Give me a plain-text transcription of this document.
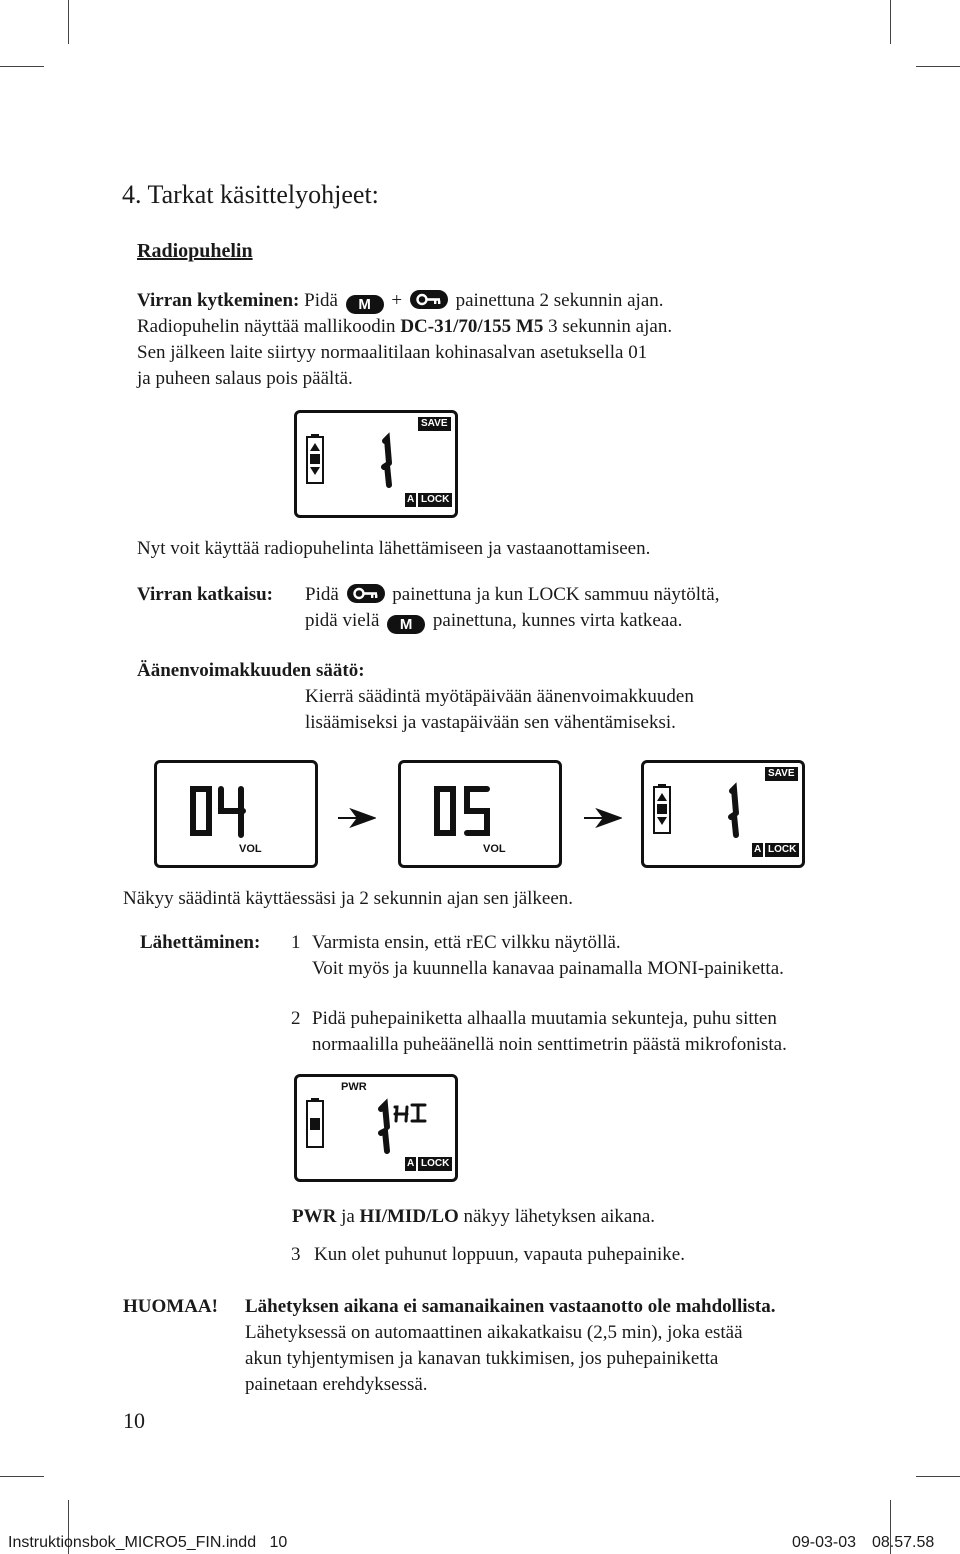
4. Tarkat käsittelyohjeet:
Radiopuhelin
Virran kytkeminen: Pidä M +	painettuna 2 sekunnin ajan.
Radiopuhelin näyttää mallikoodin DC-31/70/155 M5 3 sekunnin ajan.
Sen jälkeen laite siirtyy normaalitilaan kohinasalvan asetuksella 01
ja puheen salaus pois päältä.
SAVE
A LOCK
Nyt voit käyttää radiopuhelinta lähettämiseen ja vastaanottamiseen.
Virran katkaisu: Pidä	painettuna ja kun LOCK sammuu näytöltä,
pidä vielä M painettuna, kunnes virta katkeaa.
Äänenvoimakkuuden säätö:
Kierrä säädintä myötäpäivään äänenvoimakkuuden
lisäämiseksi ja vastapäivään sen vähentämiseksi.
VOL	VOL
SAVE
A LOCK
Näkyy säädintä käyttäessäsi ja 2 sekunnin ajan sen jälkeen.
Lähettäminen: 1 Varmista ensin, että rEC vilkku näytöllä.
Voit myös ja kuunnella kanavaa painamalla MONI-painiketta.
2 Pidä puhepainiketta alhaalla muutamia sekunteja, puhu sitten
normaalilla puheäänellä noin senttimetrin päästä mikrofonista.
PWR
A LOCK
PWR ja HI/MID/LO näkyy lähetyksen aikana.
3 Kun olet puhunut loppuun, vapauta puhepainike.
HUOMAA! Lähetyksen aikana ei samanaikainen vastaanotto ole mahdollista.
Lähetyksessä on automaattinen aikakatkaisu (2,5 min), joka estää
akun tyhjentymisen ja kanavan tukkimisen, jos puhepainiketta
painetaan erehdyksessä.
10
Instruktionsbok_MICRO5_FIN.indd   10	09-03-03 08.57.58
